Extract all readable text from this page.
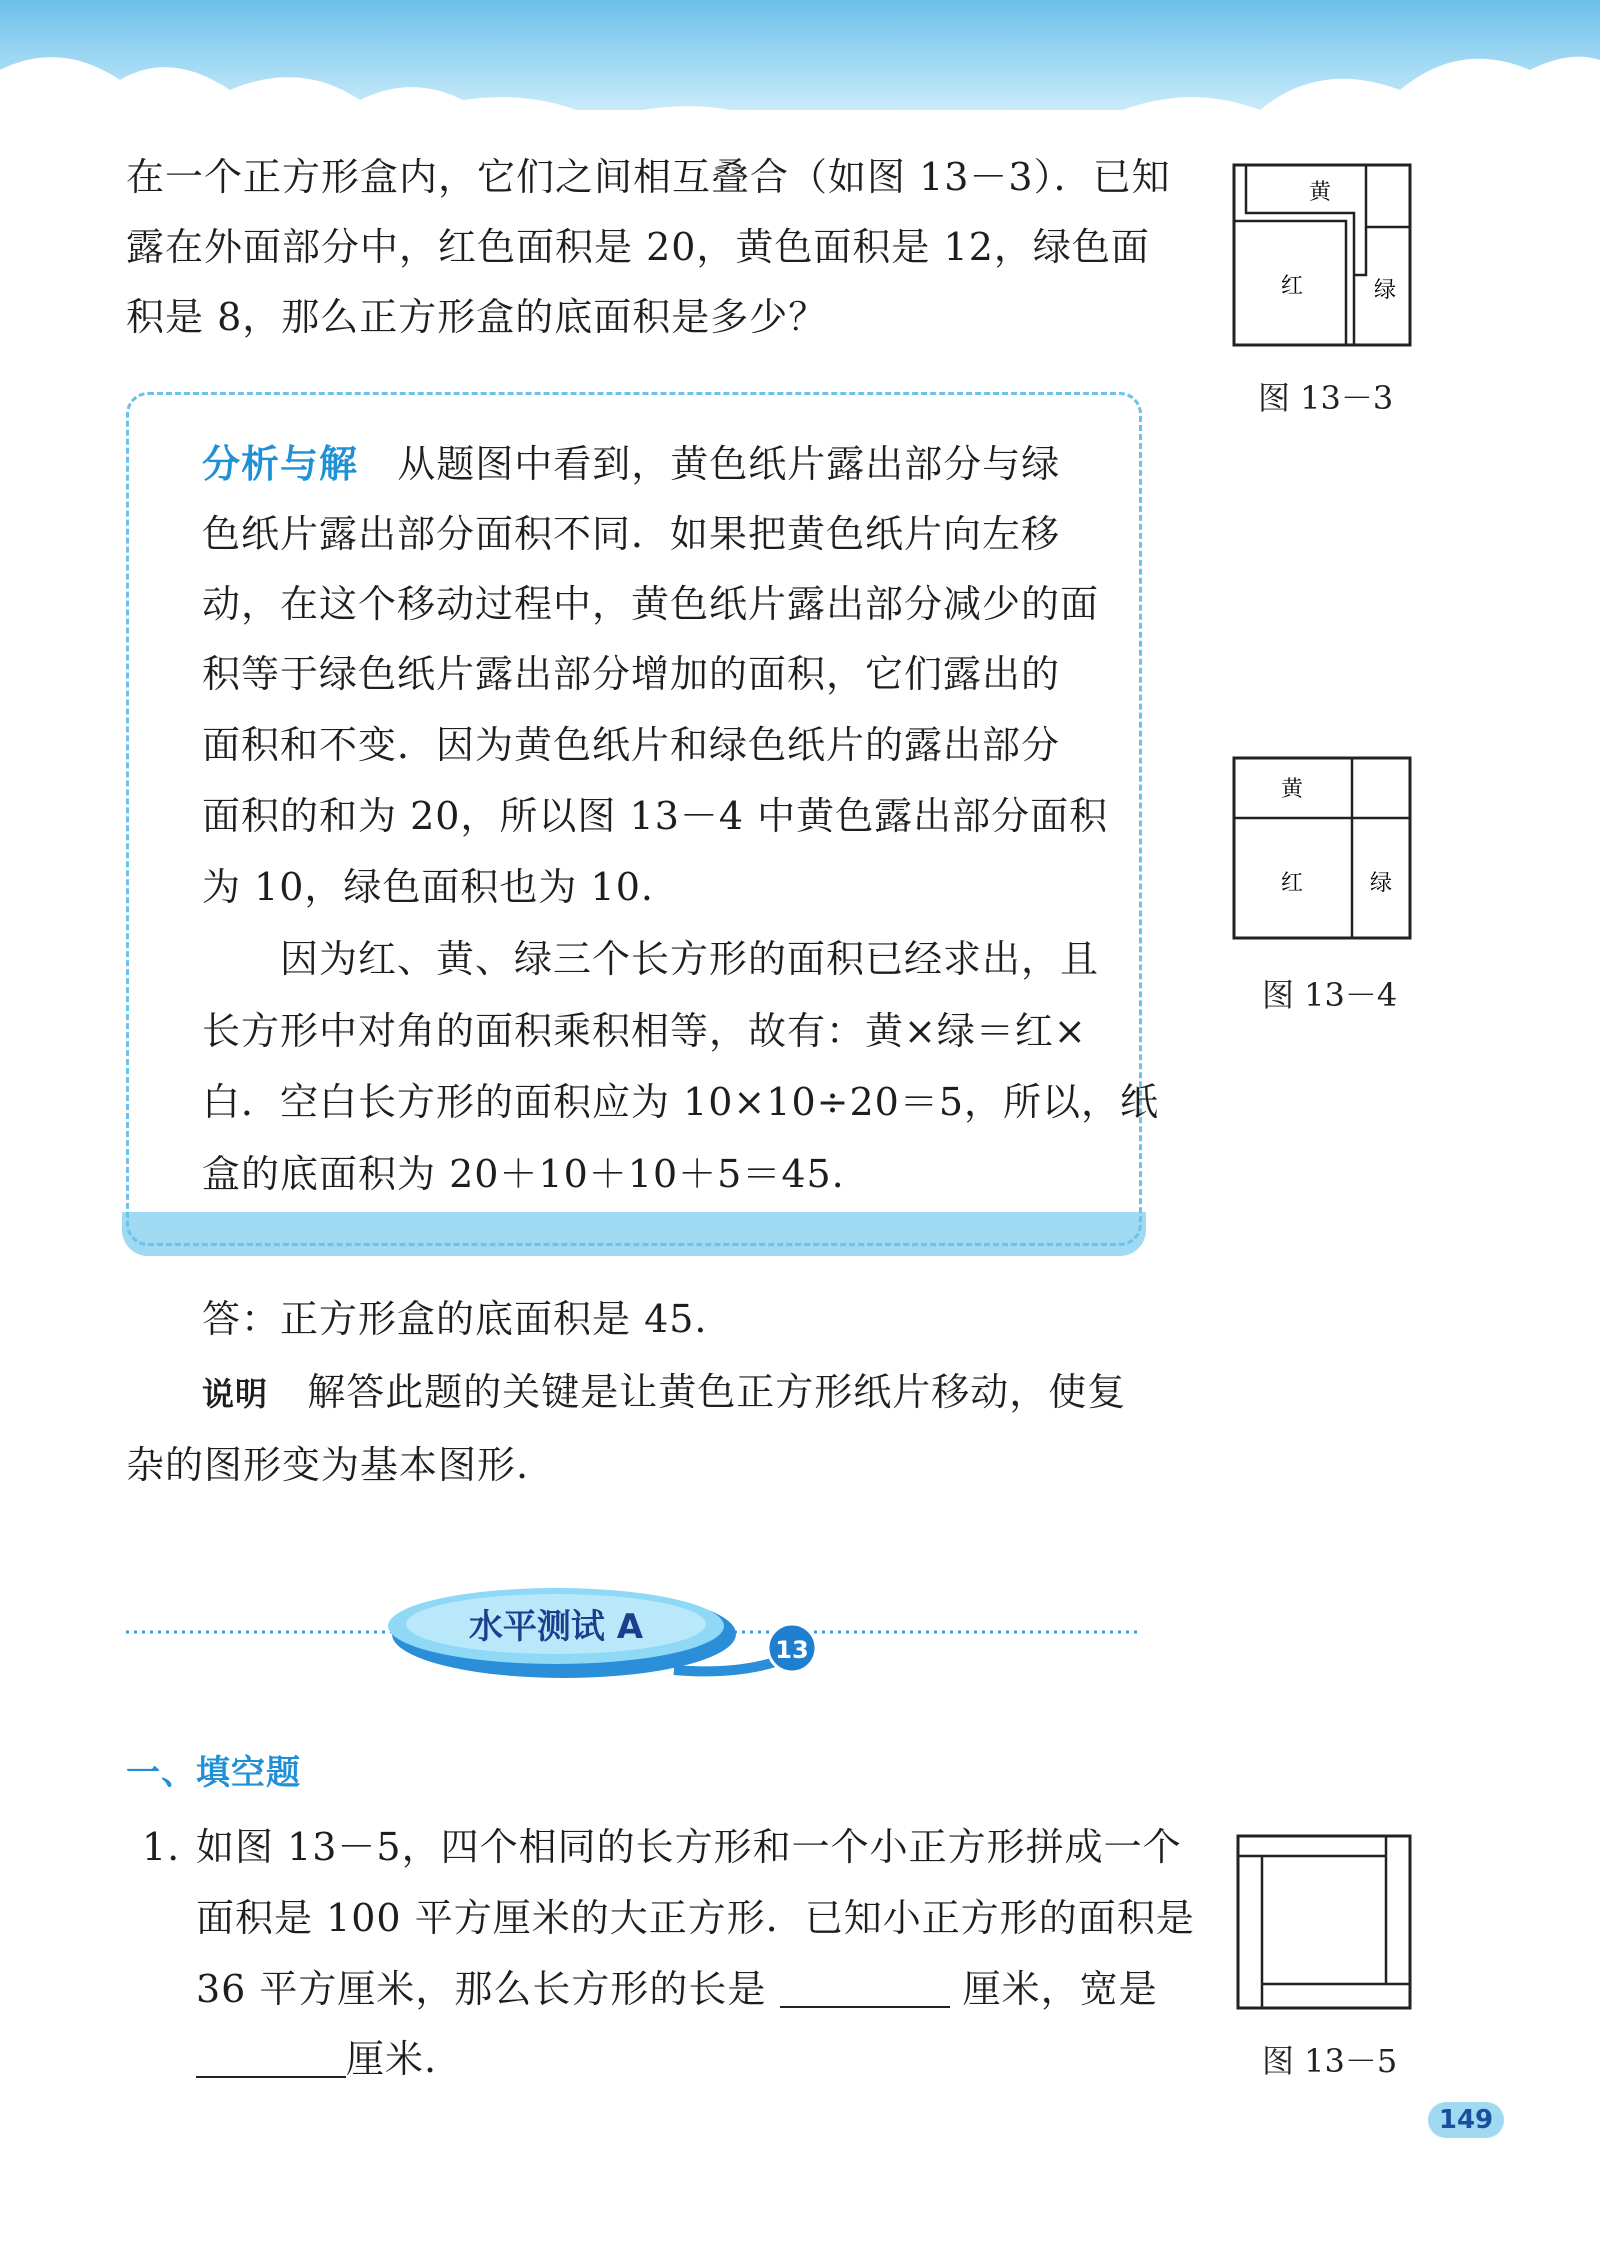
在一个正方形盒内，它们之间相互叠合（如图 13－3）．已知
露在外面部分中，红色面积是 20，黄色面积是 12，绿色面
积是 8，那么正方形盒的底面积是多少？
黄
红	绿
图 13－3
分析与解 从题图中看到，黄色纸片露出部分与绿
色纸片露出部分面积不同．如果把黄色纸片向左移
动，在这个移动过程中，黄色纸片露出部分减少的面
积等于绿色纸片露出部分增加的面积，它们露出的
面积和不变．因为黄色纸片和绿色纸片的露出部分
面积的和为 20，所以图 13－4 中黄色露出部分面积
为 10，绿色面积也为 10.
因为红、黄、绿三个长方形的面积已经求出，且
长方形中对角的面积乘积相等，故有：黄×绿＝红×
白．空白长方形的面积应为 10×10÷20＝5，所以，纸
盒的底面积为 20＋10＋10＋5＝45.
黄
红	绿
图 13－4
答：正方形盒的底面积是 45.
说明 解答此题的关键是让黄色正方形纸片移动，使复
杂的图形变为基本图形.
水平测试 A
13
一、填空题
1. 如图 13－5，四个相同的长方形和一个小正方形拼成一个
面积是 100 平方厘米的大正方形．已知小正方形的面积是
36 平方厘米，那么长方形的长是	厘米，宽是
厘米.	图 13－5
149
